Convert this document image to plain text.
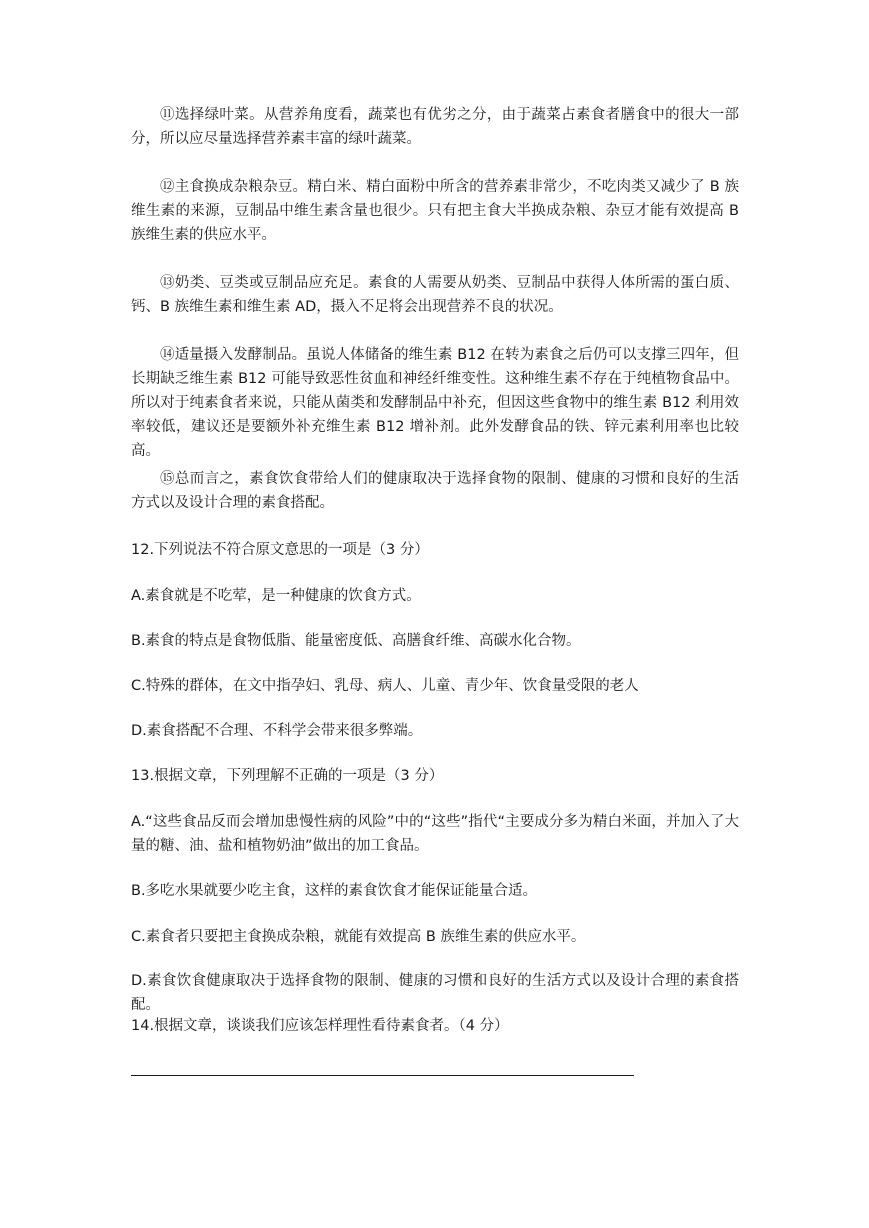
⑪选择绿叶菜。从营养角度看，蔬菜也有优劣之分，由于蔬菜占素食者膳食中的很大一部分，所以应尽量选择营养素丰富的绿叶蔬菜。

⑫主食换成杂粮杂豆。精白米、精白面粉中所含的营养素非常少，不吃肉类又减少了 B 族维生素的来源，豆制品中维生素含量也很少。只有把主食大半换成杂粮、杂豆才能有效提高 B 族维生素的供应水平。

⑬奶类、豆类或豆制品应充足。素食的人需要从奶类、豆制品中获得人体所需的蛋白质、钙、B 族维生素和维生素 AD，摄入不足将会出现营养不良的状况。

⑭适量摄入发酵制品。虽说人体储备的维生素 B12 在转为素食之后仍可以支撑三四年，但长期缺乏维生素 B12 可能导致恶性贫血和神经纤维变性。这种维生素不存在于纯植物食品中。所以对于纯素食者来说，只能从菌类和发酵制品中补充，但因这些食物中的维生素 B12 利用效率较低，建议还是要额外补充维生素 B12 增补剂。此外发酵食品的铁、锌元素利用率也比较高。

⑮总而言之，素食饮食带给人们的健康取决于选择食物的限制、健康的习惯和良好的生活方式以及设计合理的素食搭配。

12.下列说法不符合原文意思的一项是（3 分）

A.素食就是不吃荤，是一种健康的饮食方式。

B.素食的特点是食物低脂、能量密度低、高膳食纤维、高碳水化合物。

C.特殊的群体，在文中指孕妇、乳母、病人、儿童、青少年、饮食量受限的老人

D.素食搭配不合理、不科学会带来很多弊端。

13.根据文章，下列理解不正确的一项是（3 分）

A.“这些食品反而会增加患慢性病的风险”中的“这些”指代“主要成分多为精白米面，并加入了大量的糖、油、盐和植物奶油”做出的加工食品。

B.多吃水果就要少吃主食，这样的素食饮食才能保证能量合适。

C.素食者只要把主食换成杂粮，就能有效提高 B 族维生素的供应水平。

D.素食饮食健康取决于选择食物的限制、健康的习惯和良好的生活方式以及设计合理的素食搭配。

14.根据文章，谈谈我们应该怎样理性看待素食者。（4 分）
